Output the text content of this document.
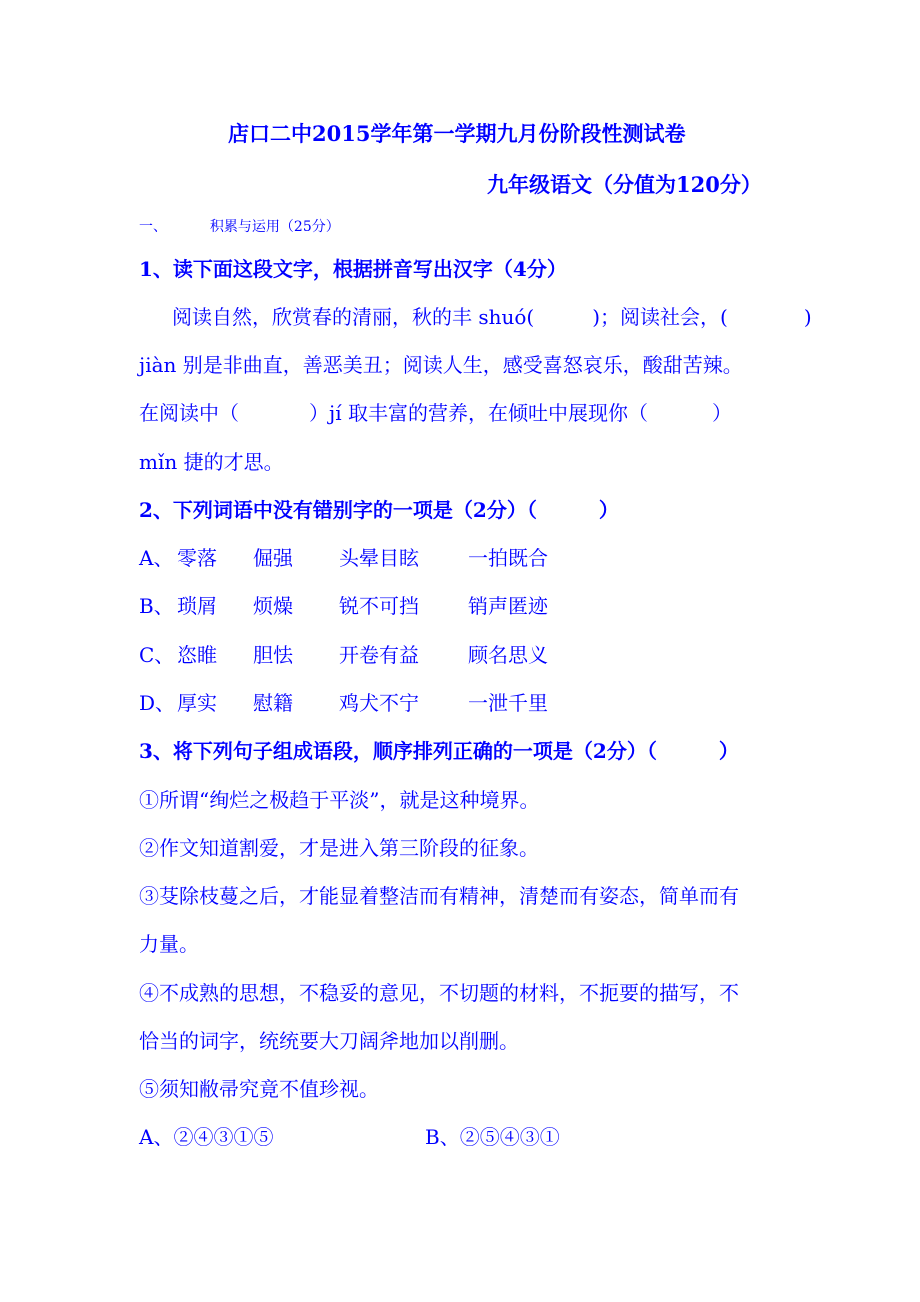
店口二中2015学年第一学期九月份阶段性测试卷
九年级语文（分值为120分）
一、	积累与运用（25分）
1、读下面这段文字，根据拼音写出汉字（4分）
阅读自然，欣赏春的清丽，秋的丰 shuó(	)；阅读社会，(	)
jiàn 别是非曲直，善恶美丑；阅读人生，感受喜怒哀乐，酸甜苦辣。
在阅读中（	）jí 取丰富的营养，在倾吐中展现你（	）
mǐn 捷的才思。
2、下列词语中没有错别字的一项是（2分）（	）
A、 零落 倔强 头晕目眩 一拍既合
B、 琐屑 烦燥 锐不可挡 销声匿迹
C、 恣睢 胆怯 开卷有益 顾名思义
D、厚实 慰籍 鸡犬不宁 一泄千里
3、将下列句子组成语段，顺序排列正确的一项是（2分）（	）
①所谓“绚烂之极趋于平淡”，就是这种境界。
②作文知道割爱，才是进入第三阶段的征象。
③芟除枝蔓之后，才能显着整洁而有精神，清楚而有姿态，简单而有
力量。
④不成熟的思想，不稳妥的意见，不切题的材料，不扼要的描写，不
恰当的词字，统统要大刀阔斧地加以削删。
⑤须知敝帚究竟不值珍视。
A、②④③①⑤	B、②⑤④③①
